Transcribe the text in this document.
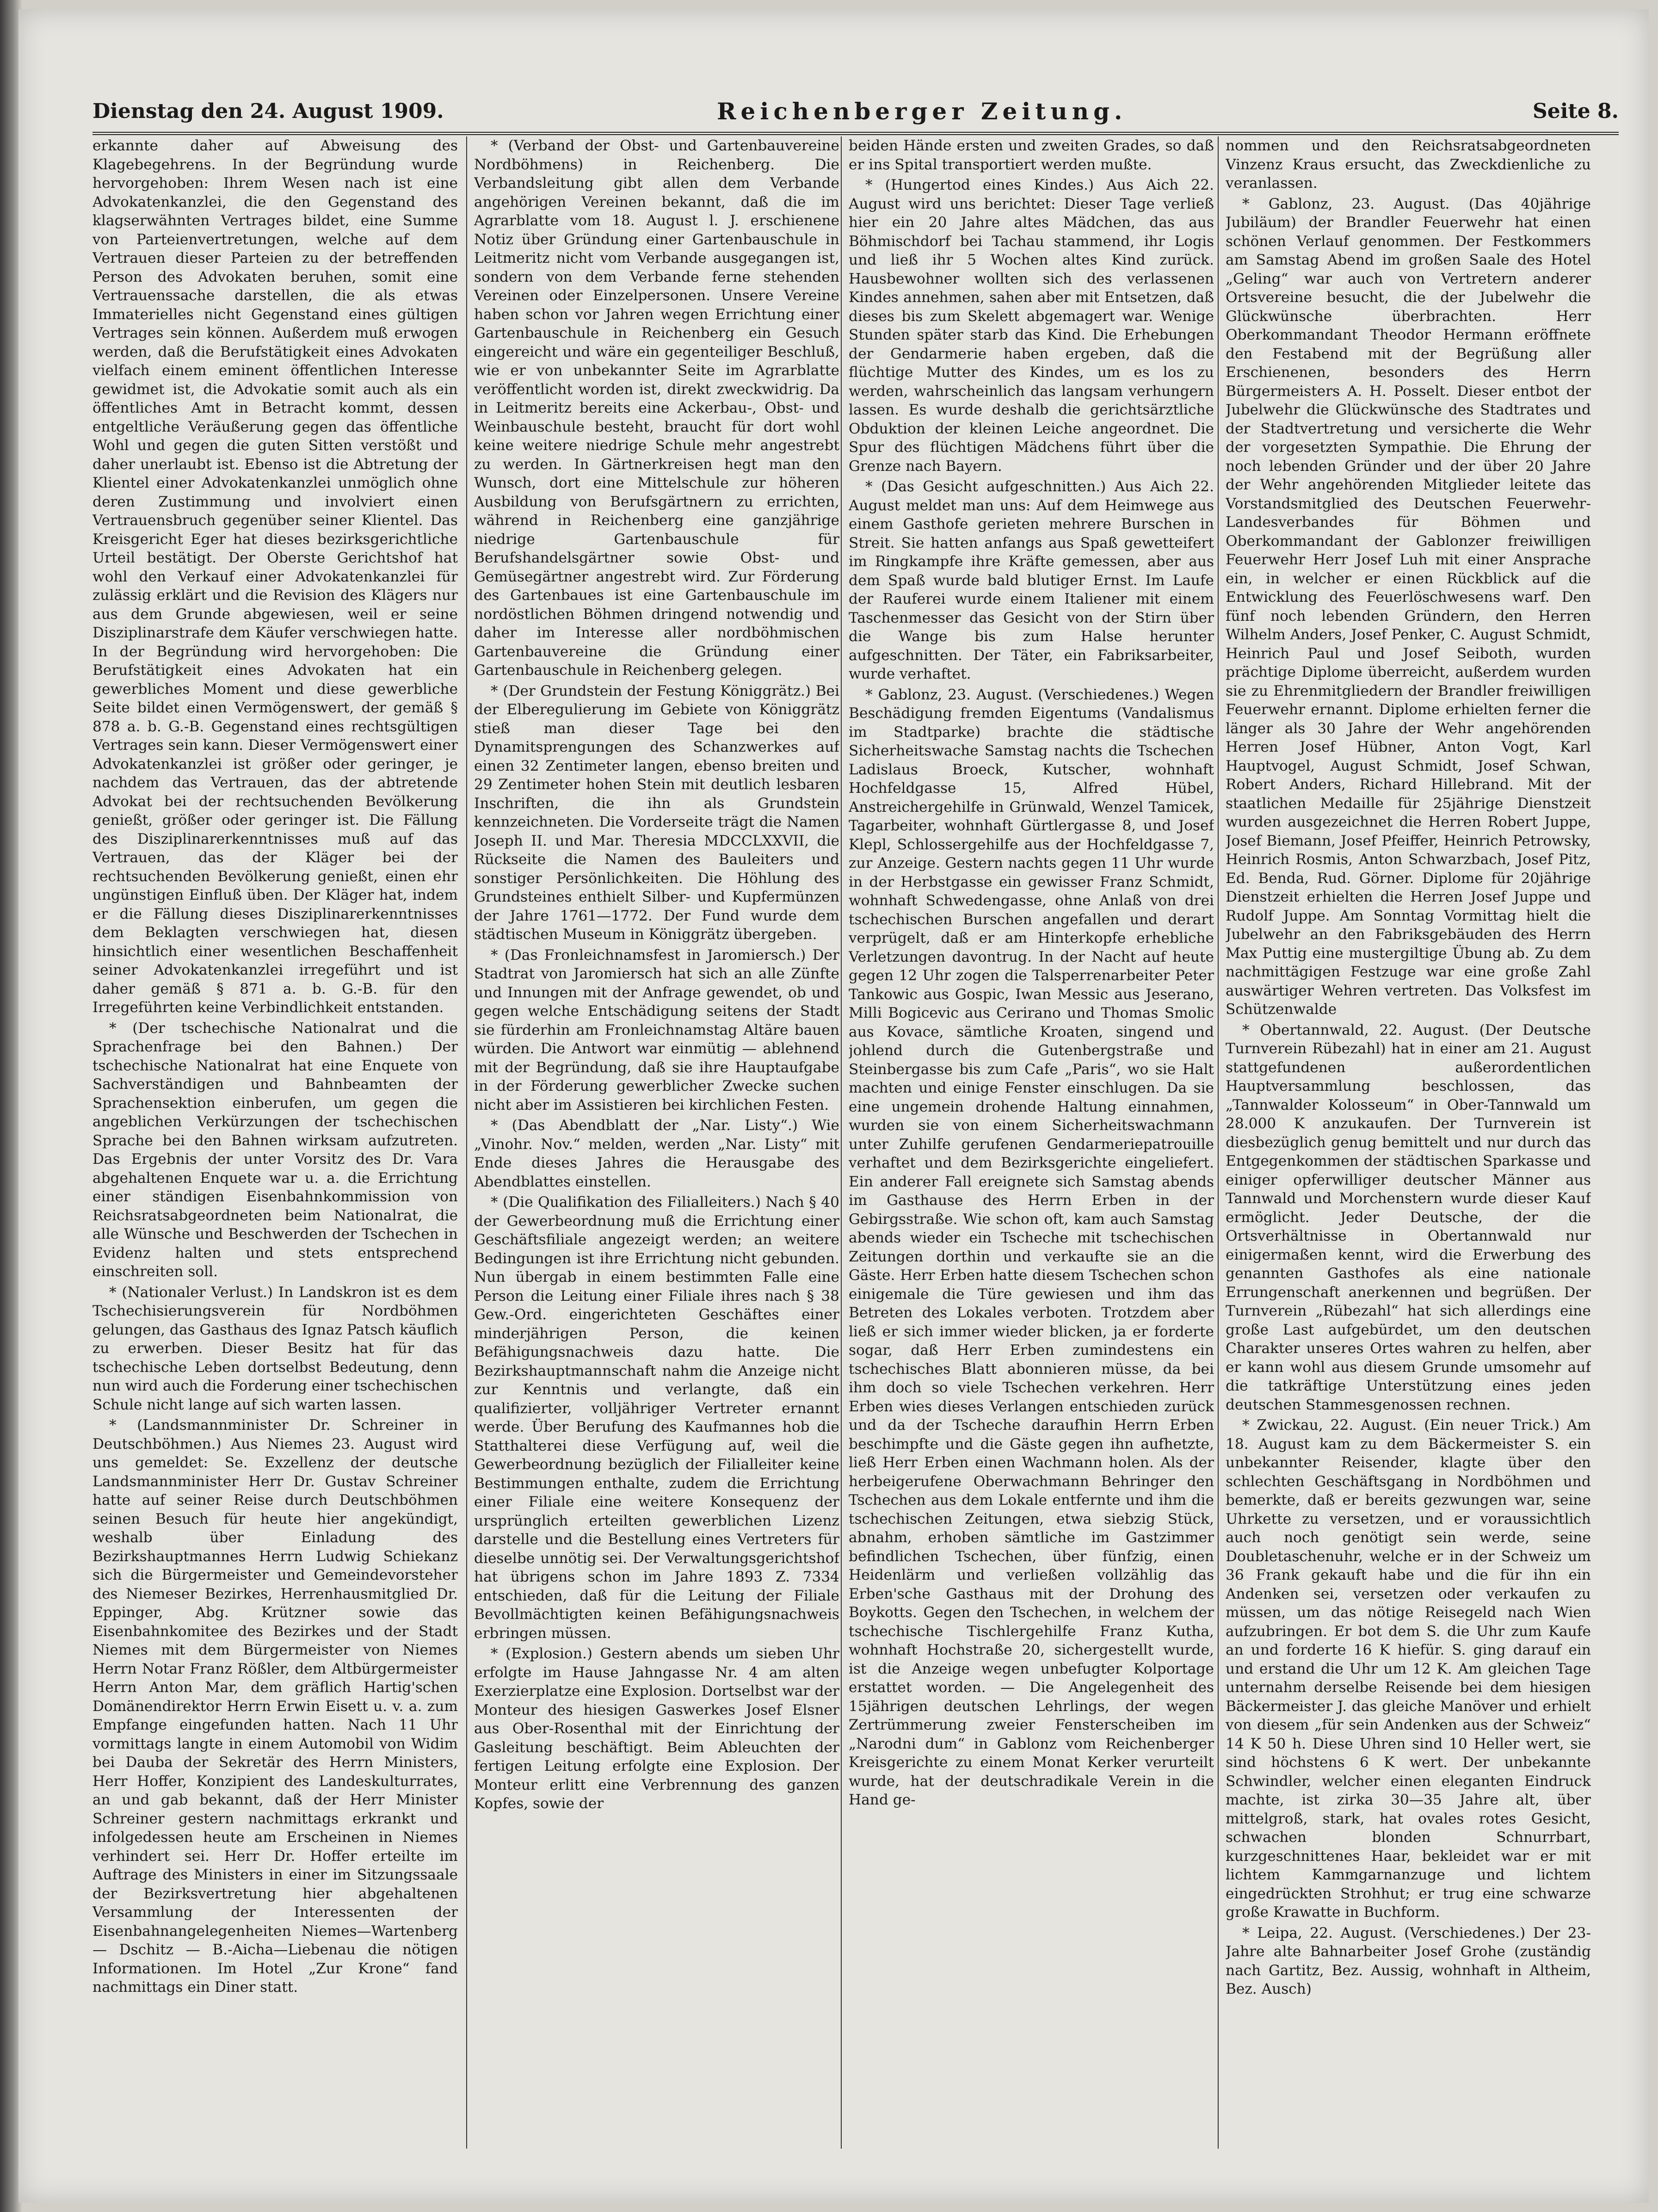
Dienstag den 24. August 1909.	Reichenberger Zeitung.	Seite 8.

erkannte daher auf Abweisung des Klagebegehrens. In der Begründung wurde hervorgehoben: Ihrem Wesen nach ist eine Advokatenkanzlei, die den Gegenstand des klagserwähnten Vertrages bildet, eine Summe von Parteienvertretungen, welche auf dem Vertrauen dieser Parteien zu der betreffenden Person des Advokaten beruhen, somit eine Vertrauenssache darstellen, die als etwas Immaterielles nicht Gegenstand eines gültigen Vertrages sein können. Außerdem muß erwogen werden, daß die Berufstätigkeit eines Advokaten vielfach einem eminent öffentlichen Interesse gewidmet ist, die Advokatie somit auch als ein öffentliches Amt in Betracht kommt, dessen entgeltliche Veräußerung gegen das öffentliche Wohl und gegen die guten Sitten verstößt und daher unerlaubt ist. Ebenso ist die Abtretung der Klientel einer Advokatenkanzlei unmöglich ohne deren Zustimmung und involviert einen Vertrauensbruch gegenüber seiner Klientel. Das Kreisgericht Eger hat dieses bezirksgerichtliche Urteil bestätigt. Der Oberste Gerichtshof hat wohl den Verkauf einer Advokatenkanzlei für zulässig erklärt und die Revision des Klägers nur aus dem Grunde abgewiesen, weil er seine Disziplinarstrafe dem Käufer verschwiegen hatte. In der Begründung wird hervorgehoben: Die Berufstätigkeit eines Advokaten hat ein gewerbliches Moment und diese gewerbliche Seite bildet einen Vermögenswert, der gemäß § 878 a. b. G.-B. Gegenstand eines rechtsgültigen Vertrages sein kann. Dieser Vermögenswert einer Advokatenkanzlei ist größer oder geringer, je nachdem das Vertrauen, das der abtretende Advokat bei der rechtsuchenden Bevölkerung genießt, größer oder geringer ist. Die Fällung des Disziplinarerkenntnisses muß auf das Vertrauen, das der Kläger bei der rechtsuchenden Bevölkerung genießt, einen ehr ungünstigen Einfluß üben. Der Kläger hat, indem er die Fällung dieses Disziplinarerkenntnisses dem Beklagten verschwiegen hat, diesen hinsichtlich einer wesentlichen Beschaffenheit seiner Advokatenkanzlei irregeführt und ist daher gemäß § 871 a. b. G.-B. für den Irregeführten keine Verbindlichkeit entstanden.

* (Der tschechische Nationalrat und die Sprachenfrage bei den Bahnen.) Der tschechische Nationalrat hat eine Enquete von Sachverständigen und Bahnbeamten der Sprachensektion einberufen, um gegen die angeblichen Verkürzungen der tschechischen Sprache bei den Bahnen wirksam aufzutreten. Das Ergebnis der unter Vorsitz des Dr. Vara abgehaltenen Enquete war u. a. die Errichtung einer ständigen Eisenbahnkommission von Reichsratsabgeordneten beim Nationalrat, die alle Wünsche und Beschwerden der Tschechen in Evidenz halten und stets entsprechend einschreiten soll.

* (Nationaler Verlust.) In Landskron ist es dem Tschechisierungsverein für Nordböhmen gelungen, das Gasthaus des Ignaz Patsch käuflich zu erwerben. Dieser Besitz hat für das tschechische Leben dortselbst Bedeutung, denn nun wird auch die Forderung einer tschechischen Schule nicht lange auf sich warten lassen.

* (Landsmannminister Dr. Schreiner in Deutschböhmen.) Aus Niemes 23. August wird uns gemeldet: Se. Exzellenz der deutsche Landsmannminister Herr Dr. Gustav Schreiner hatte auf seiner Reise durch Deutschböhmen seinen Besuch für heute hier angekündigt, weshalb über Einladung des Bezirkshauptmannes Herrn Ludwig Schiekanz sich die Bürgermeister und Gemeindevorsteher des Niemeser Bezirkes, Herrenhausmitglied Dr. Eppinger, Abg. Krützner sowie das Eisenbahnkomitee des Bezirkes und der Stadt Niemes mit dem Bürgermeister von Niemes Herrn Notar Franz Rößler, dem Altbürgermeister Herrn Anton Mar, dem gräflich Hartig'schen Domänendirektor Herrn Erwin Eisett u. v. a. zum Empfange eingefunden hatten. Nach 11 Uhr vormittags langte in einem Automobil von Widim bei Dauba der Sekretär des Herrn Ministers, Herr Hoffer, Konzipient des Landeskulturrates, an und gab bekannt, daß der Herr Minister Schreiner gestern nachmittags erkrankt und infolgedessen heute am Erscheinen in Niemes verhindert sei. Herr Dr. Hoffer erteilte im Auftrage des Ministers in einer im Sitzungssaale der Bezirksvertretung hier abgehaltenen Versammlung der Interessenten der Eisenbahnangelegenheiten Niemes—Wartenberg — Dschitz — B.-Aicha—Liebenau die nötigen Informationen. Im Hotel „Zur Krone“ fand nachmittags ein Diner statt.

* (Verband der Obst- und Gartenbauvereine Nordböhmens) in Reichenberg. Die Verbandsleitung gibt allen dem Verbande angehörigen Vereinen bekannt, daß die im Agrarblatte vom 18. August l. J. erschienene Notiz über Gründung einer Gartenbauschule in Leitmeritz nicht vom Verbande ausgegangen ist, sondern von dem Verbande ferne stehenden Vereinen oder Einzelpersonen. Unsere Vereine haben schon vor Jahren wegen Errichtung einer Gartenbauschule in Reichenberg ein Gesuch eingereicht und wäre ein gegenteiliger Beschluß, wie er von unbekannter Seite im Agrarblatte veröffentlicht worden ist, direkt zweckwidrig. Da in Leitmeritz bereits eine Ackerbau-, Obst- und Weinbauschule besteht, braucht für dort wohl keine weitere niedrige Schule mehr angestrebt zu werden. In Gärtnerkreisen hegt man den Wunsch, dort eine Mittelschule zur höheren Ausbildung von Berufsgärtnern zu errichten, während in Reichenberg eine ganzjährige niedrige Gartenbauschule für Berufshandelsgärtner sowie Obst- und Gemüsegärtner angestrebt wird. Zur Förderung des Gartenbaues ist eine Gartenbauschule im nordöstlichen Böhmen dringend notwendig und daher im Interesse aller nordböhmischen Gartenbauvereine die Gründung einer Gartenbauschule in Reichenberg gelegen.

* (Der Grundstein der Festung Königgrätz.) Bei der Elberegulierung im Gebiete von Königgrätz stieß man dieser Tage bei den Dynamitsprengungen des Schanzwerkes auf einen 32 Zentimeter langen, ebenso breiten und 29 Zentimeter hohen Stein mit deutlich lesbaren Inschriften, die ihn als Grundstein kennzeichneten. Die Vorderseite trägt die Namen Joseph II. und Mar. Theresia MDCCLXXVII, die Rückseite die Namen des Bauleiters und sonstiger Persönlichkeiten. Die Höhlung des Grundsteines enthielt Silber- und Kupfermünzen der Jahre 1761—1772. Der Fund wurde dem städtischen Museum in Königgrätz übergeben.

* (Das Fronleichnamsfest in Jaromiersch.) Der Stadtrat von Jaromiersch hat sich an alle Zünfte und Innungen mit der Anfrage gewendet, ob und gegen welche Entschädigung seitens der Stadt sie fürderhin am Fronleichnamstag Altäre bauen würden. Die Antwort war einmütig — ablehnend mit der Begründung, daß sie ihre Hauptaufgabe in der Förderung gewerblicher Zwecke suchen nicht aber im Assistieren bei kirchlichen Festen.

* (Das Abendblatt der „Nar. Listy“.) Wie „Vinohr. Nov.“ melden, werden „Nar. Listy“ mit Ende dieses Jahres die Herausgabe des Abendblattes einstellen.

* (Die Qualifikation des Filialleiters.) Nach § 40 der Gewerbeordnung muß die Errichtung einer Geschäftsfiliale angezeigt werden; an weitere Bedingungen ist ihre Errichtung nicht gebunden. Nun übergab in einem bestimmten Falle eine Person die Leitung einer Filiale ihres nach § 38 Gew.-Ord. eingerichteten Geschäftes einer minderjährigen Person, die keinen Befähigungsnachweis dazu hatte. Die Bezirkshauptmannschaft nahm die Anzeige nicht zur Kenntnis und verlangte, daß ein qualifizierter, volljähriger Vertreter ernannt werde. Über Berufung des Kaufmannes hob die Statthalterei diese Verfügung auf, weil die Gewerbeordnung bezüglich der Filialleiter keine Bestimmungen enthalte, zudem die Errichtung einer Filiale eine weitere Konsequenz der ursprünglich erteilten gewerblichen Lizenz darstelle und die Bestellung eines Vertreters für dieselbe unnötig sei. Der Verwaltungsgerichtshof hat übrigens schon im Jahre 1893 Z. 7334 entschieden, daß für die Leitung der Filiale Bevollmächtigten keinen Befähigungsnachweis erbringen müssen.

* (Explosion.) Gestern abends um sieben Uhr erfolgte im Hause Jahngasse Nr. 4 am alten Exerzierplatze eine Explosion. Dortselbst war der Monteur des hiesigen Gaswerkes Josef Elsner aus Ober-Rosenthal mit der Einrichtung der Gasleitung beschäftigt. Beim Ableuchten der fertigen Leitung erfolgte eine Explosion. Der Monteur erlitt eine Verbrennung des ganzen Kopfes, sowie der

beiden Hände ersten und zweiten Grades, so daß er ins Spital transportiert werden mußte.

* (Hungertod eines Kindes.) Aus Aich 22. August wird uns berichtet: Dieser Tage verließ hier ein 20 Jahre altes Mädchen, das aus Böhmischdorf bei Tachau stammend, ihr Logis und ließ ihr 5 Wochen altes Kind zurück. Hausbewohner wollten sich des verlassenen Kindes annehmen, sahen aber mit Entsetzen, daß dieses bis zum Skelett abgemagert war. Wenige Stunden später starb das Kind. Die Erhebungen der Gendarmerie haben ergeben, daß die flüchtige Mutter des Kindes, um es los zu werden, wahrscheinlich das langsam verhungern lassen. Es wurde deshalb die gerichtsärztliche Obduktion der kleinen Leiche angeordnet. Die Spur des flüchtigen Mädchens führt über die Grenze nach Bayern.

* (Das Gesicht aufgeschnitten.) Aus Aich 22. August meldet man uns: Auf dem Heimwege aus einem Gasthofe gerieten mehrere Burschen in Streit. Sie hatten anfangs aus Spaß gewetteifert im Ringkampfe ihre Kräfte gemessen, aber aus dem Spaß wurde bald blutiger Ernst. Im Laufe der Rauferei wurde einem Italiener mit einem Taschenmesser das Gesicht von der Stirn über die Wange bis zum Halse herunter aufgeschnitten. Der Täter, ein Fabriksarbeiter, wurde verhaftet.

* Gablonz, 23. August. (Verschiedenes.) Wegen Beschädigung fremden Eigentums (Vandalismus im Stadtparke) brachte die städtische Sicherheitswache Samstag nachts die Tschechen Ladislaus Broeck, Kutscher, wohnhaft Hochfeldgasse 15, Alfred Hübel, Anstreichergehilfe in Grünwald, Wenzel Tamicek, Tagarbeiter, wohnhaft Gürtlergasse 8, und Josef Klepl, Schlossergehilfe aus der Hochfeldgasse 7, zur Anzeige. Gestern nachts gegen 11 Uhr wurde in der Herbstgasse ein gewisser Franz Schmidt, wohnhaft Schwedengasse, ohne Anlaß von drei tschechischen Burschen angefallen und derart verprügelt, daß er am Hinterkopfe erhebliche Verletzungen davontrug. In der Nacht auf heute gegen 12 Uhr zogen die Talsperrenarbeiter Peter Tankowic aus Gospic, Iwan Messic aus Jeserano, Milli Bogicevic aus Cerirano und Thomas Smolic aus Kovace, sämtliche Kroaten, singend und johlend durch die Gutenbergstraße und Steinbergasse bis zum Cafe „Paris“, wo sie Halt machten und einige Fenster einschlugen. Da sie eine ungemein drohende Haltung einnahmen, wurden sie von einem Sicherheitswachmann unter Zuhilfe gerufenen Gendarmeriepatrouille verhaftet und dem Bezirksgerichte eingeliefert. Ein anderer Fall ereignete sich Samstag abends im Gasthause des Herrn Erben in der Gebirgsstraße. Wie schon oft, kam auch Samstag abends wieder ein Tscheche mit tschechischen Zeitungen dorthin und verkaufte sie an die Gäste. Herr Erben hatte diesem Tschechen schon einigemale die Türe gewiesen und ihm das Betreten des Lokales verboten. Trotzdem aber ließ er sich immer wieder blicken, ja er forderte sogar, daß Herr Erben zumindestens ein tschechisches Blatt abonnieren müsse, da bei ihm doch so viele Tschechen verkehren. Herr Erben wies dieses Verlangen entschieden zurück und da der Tscheche daraufhin Herrn Erben beschimpfte und die Gäste gegen ihn aufhetzte, ließ Herr Erben einen Wachmann holen. Als der herbeigerufene Oberwachmann Behringer den Tschechen aus dem Lokale entfernte und ihm die tschechischen Zeitungen, etwa siebzig Stück, abnahm, erhoben sämtliche im Gastzimmer befindlichen Tschechen, über fünfzig, einen Heidenlärm und verließen vollzählig das Erben'sche Gasthaus mit der Drohung des Boykotts. Gegen den Tschechen, in welchem der tschechische Tischlergehilfe Franz Kutha, wohnhaft Hochstraße 20, sichergestellt wurde, ist die Anzeige wegen unbefugter Kolportage erstattet worden. — Die Angelegenheit des 15jährigen deutschen Lehrlings, der wegen Zertrümmerung zweier Fensterscheiben im „Narodni dum“ in Gablonz vom Reichenberger Kreisgerichte zu einem Monat Kerker verurteilt wurde, hat der deutschradikale Verein in die Hand ge-

nommen und den Reichsratsabgeordneten Vinzenz Kraus ersucht, das Zweckdienliche zu veranlassen.

* Gablonz, 23. August. (Das 40jährige Jubiläum) der Brandler Feuerwehr hat einen schönen Verlauf genommen. Der Festkommers am Samstag Abend im großen Saale des Hotel „Geling“ war auch von Vertretern anderer Ortsvereine besucht, die der Jubelwehr die Glückwünsche überbrachten. Herr Oberkommandant Theodor Hermann eröffnete den Festabend mit der Begrüßung aller Erschienenen, besonders des Herrn Bürgermeisters A. H. Posselt. Dieser entbot der Jubelwehr die Glückwünsche des Stadtrates und der Stadtvertretung und versicherte die Wehr der vorgesetzten Sympathie. Die Ehrung der noch lebenden Gründer und der über 20 Jahre der Wehr angehörenden Mitglieder leitete das Vorstandsmitglied des Deutschen Feuerwehr-Landesverbandes für Böhmen und Oberkommandant der Gablonzer freiwilligen Feuerwehr Herr Josef Luh mit einer Ansprache ein, in welcher er einen Rückblick auf die Entwicklung des Feuerlöschwesens warf. Den fünf noch lebenden Gründern, den Herren Wilhelm Anders, Josef Penker, C. August Schmidt, Heinrich Paul und Josef Seiboth, wurden prächtige Diplome überreicht, außerdem wurden sie zu Ehrenmitgliedern der Brandler freiwilligen Feuerwehr ernannt. Diplome erhielten ferner die länger als 30 Jahre der Wehr angehörenden Herren Josef Hübner, Anton Vogt, Karl Hauptvogel, August Schmidt, Josef Schwan, Robert Anders, Richard Hillebrand. Mit der staatlichen Medaille für 25jährige Dienstzeit wurden ausgezeichnet die Herren Robert Juppe, Josef Biemann, Josef Pfeiffer, Heinrich Petrowsky, Heinrich Rosmis, Anton Schwarzbach, Josef Pitz, Ed. Benda, Rud. Görner. Diplome für 20jährige Dienstzeit erhielten die Herren Josef Juppe und Rudolf Juppe. Am Sonntag Vormittag hielt die Jubelwehr an den Fabriksgebäuden des Herrn Max Puttig eine mustergiltige Übung ab. Zu dem nachmittägigen Festzuge war eine große Zahl auswärtiger Wehren vertreten. Das Volksfest im Schützenwalde

* Obertannwald, 22. August. (Der Deutsche Turnverein Rübezahl) hat in einer am 21. August stattgefundenen außerordentlichen Hauptversammlung beschlossen, das „Tannwalder Kolosseum“ in Ober-Tannwald um 28.000 K anzukaufen. Der Turnverein ist diesbezüglich genug bemittelt und nur durch das Entgegenkommen der städtischen Sparkasse und einiger opferwilliger deutscher Männer aus Tannwald und Morchenstern wurde dieser Kauf ermöglicht. Jeder Deutsche, der die Ortsverhältnisse in Obertannwald nur einigermaßen kennt, wird die Erwerbung des genannten Gasthofes als eine nationale Errungenschaft anerkennen und begrüßen. Der Turnverein „Rübezahl“ hat sich allerdings eine große Last aufgebürdet, um den deutschen Charakter unseres Ortes wahren zu helfen, aber er kann wohl aus diesem Grunde umsomehr auf die tatkräftige Unterstützung eines jeden deutschen Stammesgenossen rechnen.

* Zwickau, 22. August. (Ein neuer Trick.) Am 18. August kam zu dem Bäckermeister S. ein unbekannter Reisender, klagte über den schlechten Geschäftsgang in Nordböhmen und bemerkte, daß er bereits gezwungen war, seine Uhrkette zu versetzen, und er voraussichtlich auch noch genötigt sein werde, seine Doubletaschenuhr, welche er in der Schweiz um 36 Frank gekauft habe und die für ihn ein Andenken sei, versetzen oder verkaufen zu müssen, um das nötige Reisegeld nach Wien aufzubringen. Er bot dem S. die Uhr zum Kaufe an und forderte 16 K hiefür. S. ging darauf ein und erstand die Uhr um 12 K. Am gleichen Tage unternahm derselbe Reisende bei dem hiesigen Bäckermeister J. das gleiche Manöver und erhielt von diesem „für sein Andenken aus der Schweiz“ 14 K 50 h. Diese Uhren sind 10 Heller wert, sie sind höchstens 6 K wert. Der unbekannte Schwindler, welcher einen eleganten Eindruck machte, ist zirka 30—35 Jahre alt, über mittelgroß, stark, hat ovales rotes Gesicht, schwachen blonden Schnurrbart, kurzgeschnittenes Haar, bekleidet war er mit lichtem Kammgarnanzuge und lichtem eingedrückten Strohhut; er trug eine schwarze große Krawatte in Buchform.

* Leipa, 22. August. (Verschiedenes.) Der 23-Jahre alte Bahnarbeiter Josef Grohe (zuständig nach Gartitz, Bez. Aussig, wohnhaft in Altheim, Bez. Ausch)
